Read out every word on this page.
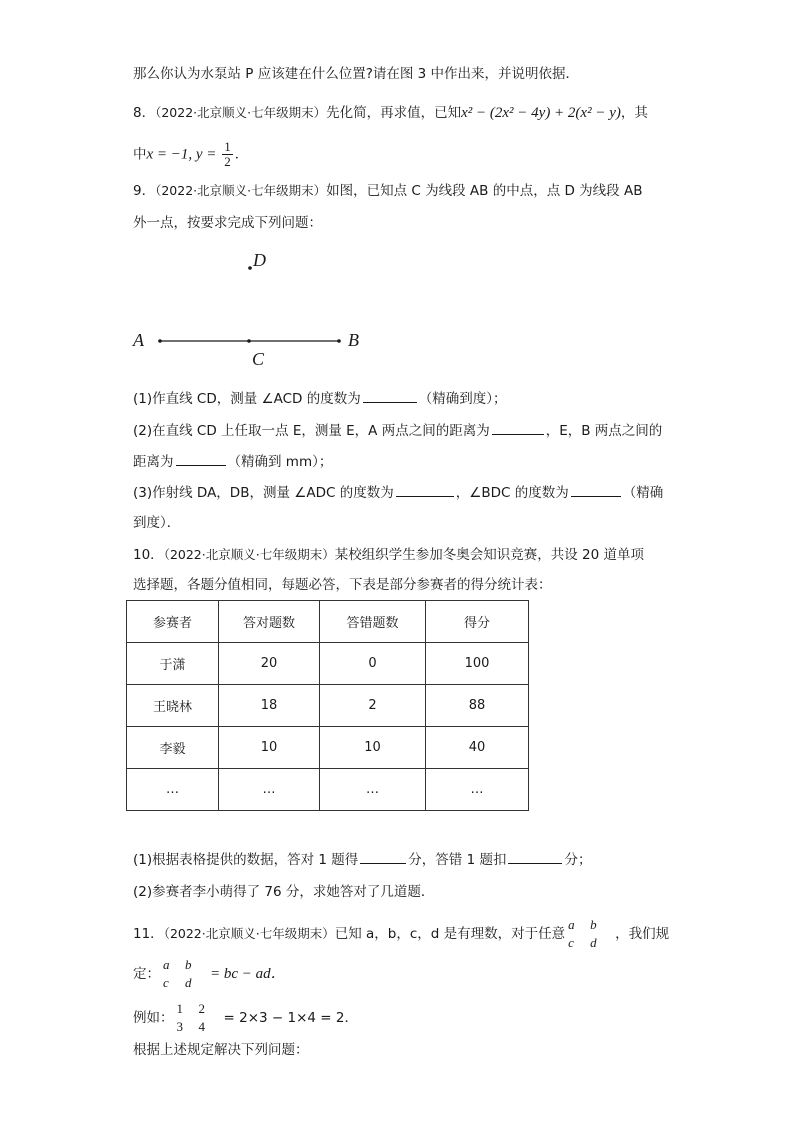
那么你认为水泵站 P 应该建在什么位置?请在图 3 中作出来，并说明依据．
8．（2022·北京顺义·七年级期末）先化简，再求值，已知x² − (2x² − 4y) + 2(x² − y)，其
中x = −1, $y = \frac{1}{2}$ ．
9．（2022·北京顺义·七年级期末）如图，已知点 C 为线段 AB 的中点，点 D 为线段 AB
外一点，按要求完成下列问题：
D
A	B
C
(1)作直线 CD，测量 ∠ACD 的度数为	（精确到度）；
(2)在直线 CD 上任取一点 E，测量 E，A 两点之间的距离为	，E，B 两点之间的
距离为	（精确到 mm）；
(3)作射线 DA，DB，测量 ∠ADC 的度数为	，∠BDC 的度数为	（精确
到度）．
10．（2022·北京顺义·七年级期末）某校组织学生参加冬奥会知识竞赛，共设 20 道单项
选择题，各题分值相同，每题必答，下表是部分参赛者的得分统计表：
参赛者	答对题数	答错题数	得分
于潇	20	0	100
王晓林	18	2	88
李毅	10	10	40
…	…	…	…
(1)根据表格提供的数据，答对 1 题得	分，答错 1 题扣	分；
(2)参赛者李小萌得了 76 分，求她答对了几道题．
11．（2022·北京顺义·七年级期末）已知 a，b，c，d 是有理数，对于任意a b
c d，我们规
定：a b
c d= bc − ad．
例如：1 2
3 4= 2×3 − 1×4 = 2．
根据上述规定解决下列问题：
